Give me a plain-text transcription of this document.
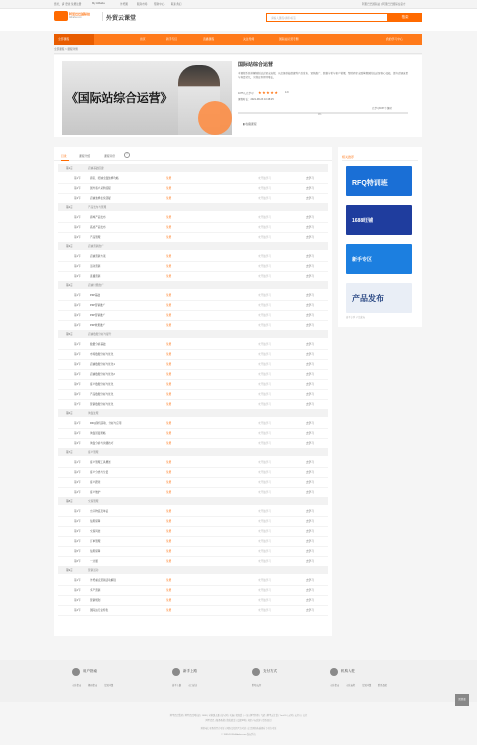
您好，请 登录 免费注册	My Alibaba	外贸圈	服务市场	帮助中心	联系我们	阿里巴巴国际站 | 阿里巴巴国际站官方
阿里巴巴国际站
Alibaba.com	外贸云课堂	请输入课程/讲师/标签	搜索
全部课程	首页	新手专区	直播课程	关注导师	国际站运营专题	我的学习中心
全部课程 > 课程详情
《国际站综合运营》
国际站综合运营
本课程系统讲解国际站运营全流程，从店铺基础搭建到产品发布、营销推广、数据分析与客户管理，帮助商家全面掌握国际站运营核心技能，提升店铺流量与询盘转化，实现业务持续增长。
1075人已学习 ★★★★★	4.9
课程时长：2021-08-23 10:48:25
已学习0/37个课时
0%
▮ 收藏课程
目录	课程介绍	课程评价	?
第1章	店铺基础搭建
第1节	商家、旺铺全面装修攻略	免费	未开始学习	去学习
第2节	国外客户采购流程	免费	未开始学习	去学习
第3节	店铺装修在线答疑	免费	未开始学习	去学习
第2章	产品发布与管理
第1节	商城产品发布	免费	未开始学习	去学习
第2节	高质产品发布	免费	未开始学习	去学习
第3节	产品管理	免费	未开始学习	去学习
第3章	店铺营销推广
第1节	店铺营销方案	免费	未开始学习	去学习
第2节	活动营销	免费	未开始学习	去学习
第3节	直播营销	免费	未开始学习	去学习
第4章	店铺付费推广
第1节	P4P基础	免费	未开始学习	去学习
第2节	P4P营销推广	免费	未开始学习	去学习
第3节	P4P营销推广	免费	未开始学习	去学习
第4节	P4P效果推广	免费	未开始学习	去学习
第5章	店铺数据分析与提升
第1节	数据分析基础	免费	未开始学习	去学习
第2节	市场数据分析与优化	免费	未开始学习	去学习
第3节	店铺数据分析与优化1	免费	未开始学习	去学习
第4节	店铺数据分析与优化2	免费	未开始学习	去学习
第5节	客户数据分析与优化	免费	未开始学习	去学习
第6节	产品数据分析与优化	免费	未开始学习	去学习
第7节	营销数据分析与优化	免费	未开始学习	去学习
第6章	询盘处理
第1节	RFQ商机获取、分析与应用	免费	未开始学习	去学习
第2节	询盘回复策略	免费	未开始学习	去学习
第3节	询盘分析与沟通技巧	免费	未开始学习	去学习
第7章	客户管理
第1节	客户管理工具概述	免费	未开始学习	去学习
第2节	客户分类与分层	免费	未开始学习	去学习
第3节	客户跟进	免费	未开始学习	去学习
第4节	客户维护	免费	未开始学习	去学习
第8章	交易管理
第1节	出口物流及单证	免费	未开始学习	去学习
第2节	信用保障	免费	未开始学习	去学习
第3节	交易风控	免费	未开始学习	去学习
第4节	订单管理	免费	未开始学习	去学习
第5节	信用保障	免费	未开始学习	去学习
第6节	一达通	免费	未开始学习	去学习
第9章	营销活动
第1节	外贸重点营销活动解读	免费	未开始学习	去学习
第2节	多产营销	免费	未开始学习	去学习
第3节	营销规划	免费	未开始学习	去学习
第4节	国际站行业特色	免费	未开始学习	去学习
相关推荐
RFQ特训班
1688旺铺
新手专区
产品发布
新手专区 产品发布
用户指南
入驻指南	规则指南	常见问题
新手上路
新手上路	入门必读
支付方式
跨境支付
机构入驻
入驻指南	入驻流程	常见问题	联系我们
阿里巴巴集团 | 阿里巴巴国际站 | 1688 | 全球速卖通 | 淘宝网 | 天猫 | 聚划算 | 一淘 | 阿里妈妈 | 飞猪 | 阿里云计算 | YunOS | 万网 | 支付宝 | 来往
阿里巴巴 | 服务条款 | 隐私政策 | 法律声明 | 知识产权保护 | 联系我们
增值电信业务经营许可证 | 网络文化经营许可证 | 信息网络传播视听节目许可证
© 1999-2019 Alibaba.com 版权所有
回顶部
